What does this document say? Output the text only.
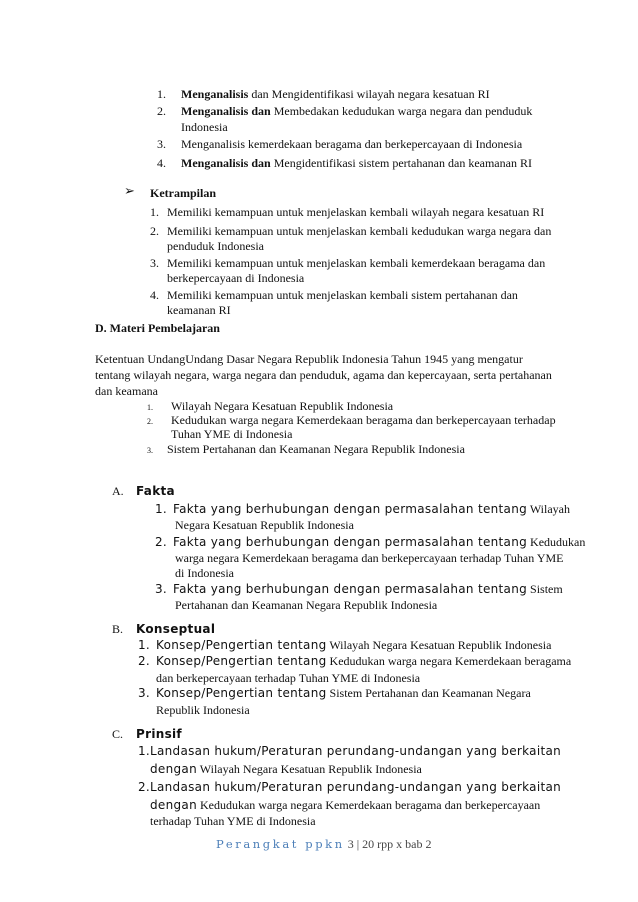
1. Menganalisis dan Mengidentifikasi wilayah negara kesatuan RI
2. Menganalisis dan Membedakan kedudukan warga negara dan penduduk
Indonesia
3. Menganalisis kemerdekaan beragama dan berkepercayaan di Indonesia
4. Menganalisis dan Mengidentifikasi sistem pertahanan dan keamanan RI
➢ Ketrampilan
1. Memiliki kemampuan untuk menjelaskan kembali wilayah negara kesatuan RI
2. Memiliki kemampuan untuk menjelaskan kembali kedudukan warga negara dan
penduduk Indonesia
3. Memiliki kemampuan untuk menjelaskan kembali kemerdekaan beragama dan
berkepercayaan di Indonesia
4. Memiliki kemampuan untuk menjelaskan kembali sistem pertahanan dan
keamanan RI
D. Materi Pembelajaran
Ketentuan UndangUndang Dasar Negara Republik Indonesia Tahun 1945 yang mengatur
tentang wilayah negara, warga negara dan penduduk, agama dan kepercayaan, serta pertahanan
dan keamana
1. Wilayah Negara Kesatuan Republik Indonesia
2. Kedudukan warga negara Kemerdekaan beragama dan berkepercayaan terhadap
Tuhan YME di Indonesia
3. Sistem Pertahanan dan Keamanan Negara Republik Indonesia
A. Fakta
1. Fakta yang berhubungan dengan permasalahan tentang Wilayah
Negara Kesatuan Republik Indonesia
2. Fakta yang berhubungan dengan permasalahan tentang Kedudukan
warga negara Kemerdekaan beragama dan berkepercayaan terhadap Tuhan YME
di Indonesia
3. Fakta yang berhubungan dengan permasalahan tentang Sistem
Pertahanan dan Keamanan Negara Republik Indonesia
B. Konseptual
1. Konsep/Pengertian tentang Wilayah Negara Kesatuan Republik Indonesia
2. Konsep/Pengertian tentang Kedudukan warga negara Kemerdekaan beragama
dan berkepercayaan terhadap Tuhan YME di Indonesia
3. Konsep/Pengertian tentang Sistem Pertahanan dan Keamanan Negara
Republik Indonesia
C. Prinsif
1. Landasan hukum/Peraturan perundang-undangan yang berkaitan
dengan Wilayah Negara Kesatuan Republik Indonesia
2. Landasan hukum/Peraturan perundang-undangan yang berkaitan
dengan Kedudukan warga negara Kemerdekaan beragama dan berkepercayaan
terhadap Tuhan YME di Indonesia
Perangkat ppkn 3 | 20 rpp x bab 2
